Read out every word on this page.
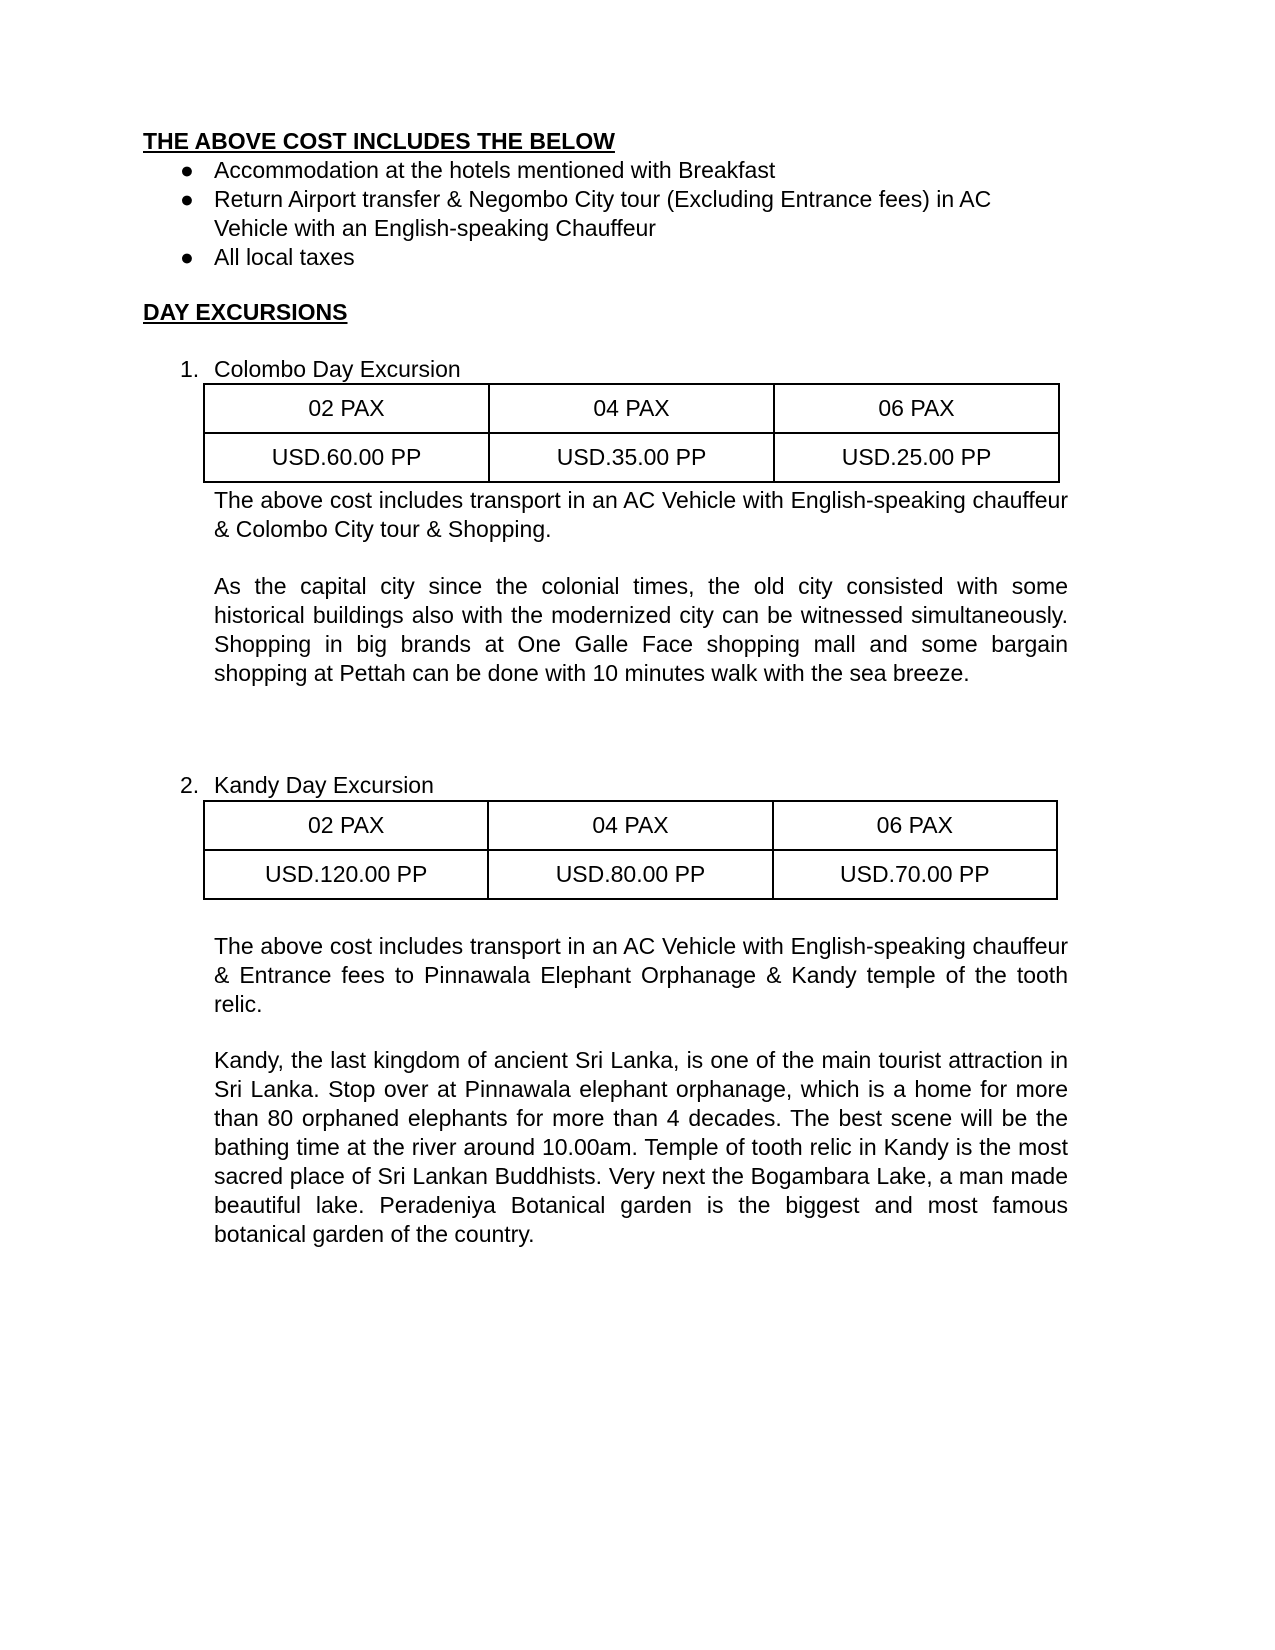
THE ABOVE COST INCLUDES THE BELOW
● Accommodation at the hotels mentioned with Breakfast
● Return Airport transfer & Negombo City tour (Excluding Entrance fees) in AC Vehicle with an English-speaking Chauffeur
● All local taxes
DAY EXCURSIONS
1. Colombo Day Excursion
02 PAX	04 PAX	06 PAX
USD.60.00 PP	USD.35.00 PP	USD.25.00 PP

The above cost includes transport in an AC Vehicle with English-speaking chauffeur & Colombo City tour & Shopping.

As the capital city since the colonial times, the old city consisted with some historical buildings also with the modernized city can be witnessed simultaneously. Shopping in big brands at One Galle Face shopping mall and some bargain shopping at Pettah can be done with 10 minutes walk with the sea breeze.

2. Kandy Day Excursion
02 PAX	04 PAX	06 PAX
USD.120.00 PP	USD.80.00 PP	USD.70.00 PP

The above cost includes transport in an AC Vehicle with English-speaking chauffeur & Entrance fees to Pinnawala Elephant Orphanage & Kandy temple of the tooth relic.

Kandy, the last kingdom of ancient Sri Lanka, is one of the main tourist attraction in Sri Lanka. Stop over at Pinnawala elephant orphanage, which is a home for more than 80 orphaned elephants for more than 4 decades. The best scene will be the bathing time at the river around 10.00am. Temple of tooth relic in Kandy is the most sacred place of Sri Lankan Buddhists. Very next the Bogambara Lake, a man made beautiful lake. Peradeniya Botanical garden is the biggest and most famous botanical garden of the country.
